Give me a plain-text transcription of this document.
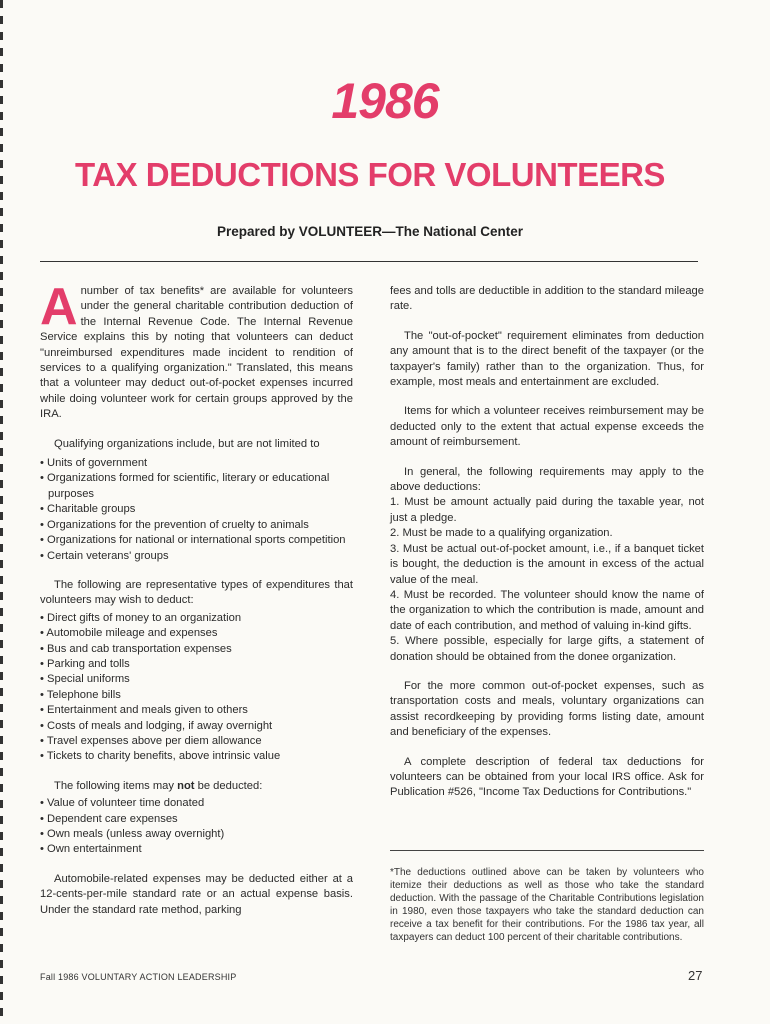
1986
TAX DEDUCTIONS FOR VOLUNTEERS

Prepared by VOLUNTEER—The National Center

Anumber of tax benefits* are available for volunteers under the general charitable contribution deduction of the Internal Revenue Code. The Internal Revenue Service explains this by noting that volunteers can deduct "unreimbursed expenditures made incident to rendition of services to a qualifying organization." Translated, this means that a volunteer may deduct out-of-pocket expenses incurred while doing volunteer work for certain groups approved by the IRA.

Qualifying organizations include, but are not limited to

• Units of government
• Organizations formed for scientific, literary or educational purposes
• Charitable groups
• Organizations for the prevention of cruelty to animals
• Organizations for national or international sports competition
• Certain veterans' groups

The following are representative types of expenditures that volunteers may wish to deduct:

• Direct gifts of money to an organization
• Automobile mileage and expenses
• Bus and cab transportation expenses
• Parking and tolls
• Special uniforms
• Telephone bills
• Entertainment and meals given to others
• Costs of meals and lodging, if away overnight
• Travel expenses above per diem allowance
• Tickets to charity benefits, above intrinsic value

The following items may not be deducted:

• Value of volunteer time donated
• Dependent care expenses
• Own meals (unless away overnight)
• Own entertainment

Automobile-related expenses may be deducted either at a 12-cents-per-mile standard rate or an actual expense basis. Under the standard rate method, parking

fees and tolls are deductible in addition to the standard mileage rate.

The "out-of-pocket" requirement eliminates from deduction any amount that is to the direct benefit of the taxpayer (or the taxpayer's family) rather than to the organization. Thus, for example, most meals and entertainment are excluded.

Items for which a volunteer receives reimbursement may be deducted only to the extent that actual expense exceeds the amount of reimbursement.

In general, the following requirements may apply to the above deductions:

1. Must be amount actually paid during the taxable year, not just a pledge.
2. Must be made to a qualifying organization.
3. Must be actual out-of-pocket amount, i.e., if a banquet ticket is bought, the deduction is the amount in excess of the actual value of the meal.
4. Must be recorded. The volunteer should know the name of the organization to which the contribution is made, amount and date of each contribution, and method of valuing in-kind gifts.
5. Where possible, especially for large gifts, a statement of donation should be obtained from the donee organization.

For the more common out-of-pocket expenses, such as transportation costs and meals, voluntary organizations can assist recordkeeping by providing forms listing date, amount and beneficiary of the expenses.

A complete description of federal tax deductions for volunteers can be obtained from your local IRS office. Ask for Publication #526, "Income Tax Deductions for Contributions."

*The deductions outlined above can be taken by volunteers who itemize their deductions as well as those who take the standard deduction. With the passage of the Charitable Contributions legislation in 1980, even those taxpayers who take the standard deduction can receive a tax benefit for their contributions. For the 1986 tax year, all taxpayers can deduct 100 percent of their charitable contributions.

Fall 1986 VOLUNTARY ACTION LEADERSHIP	27
